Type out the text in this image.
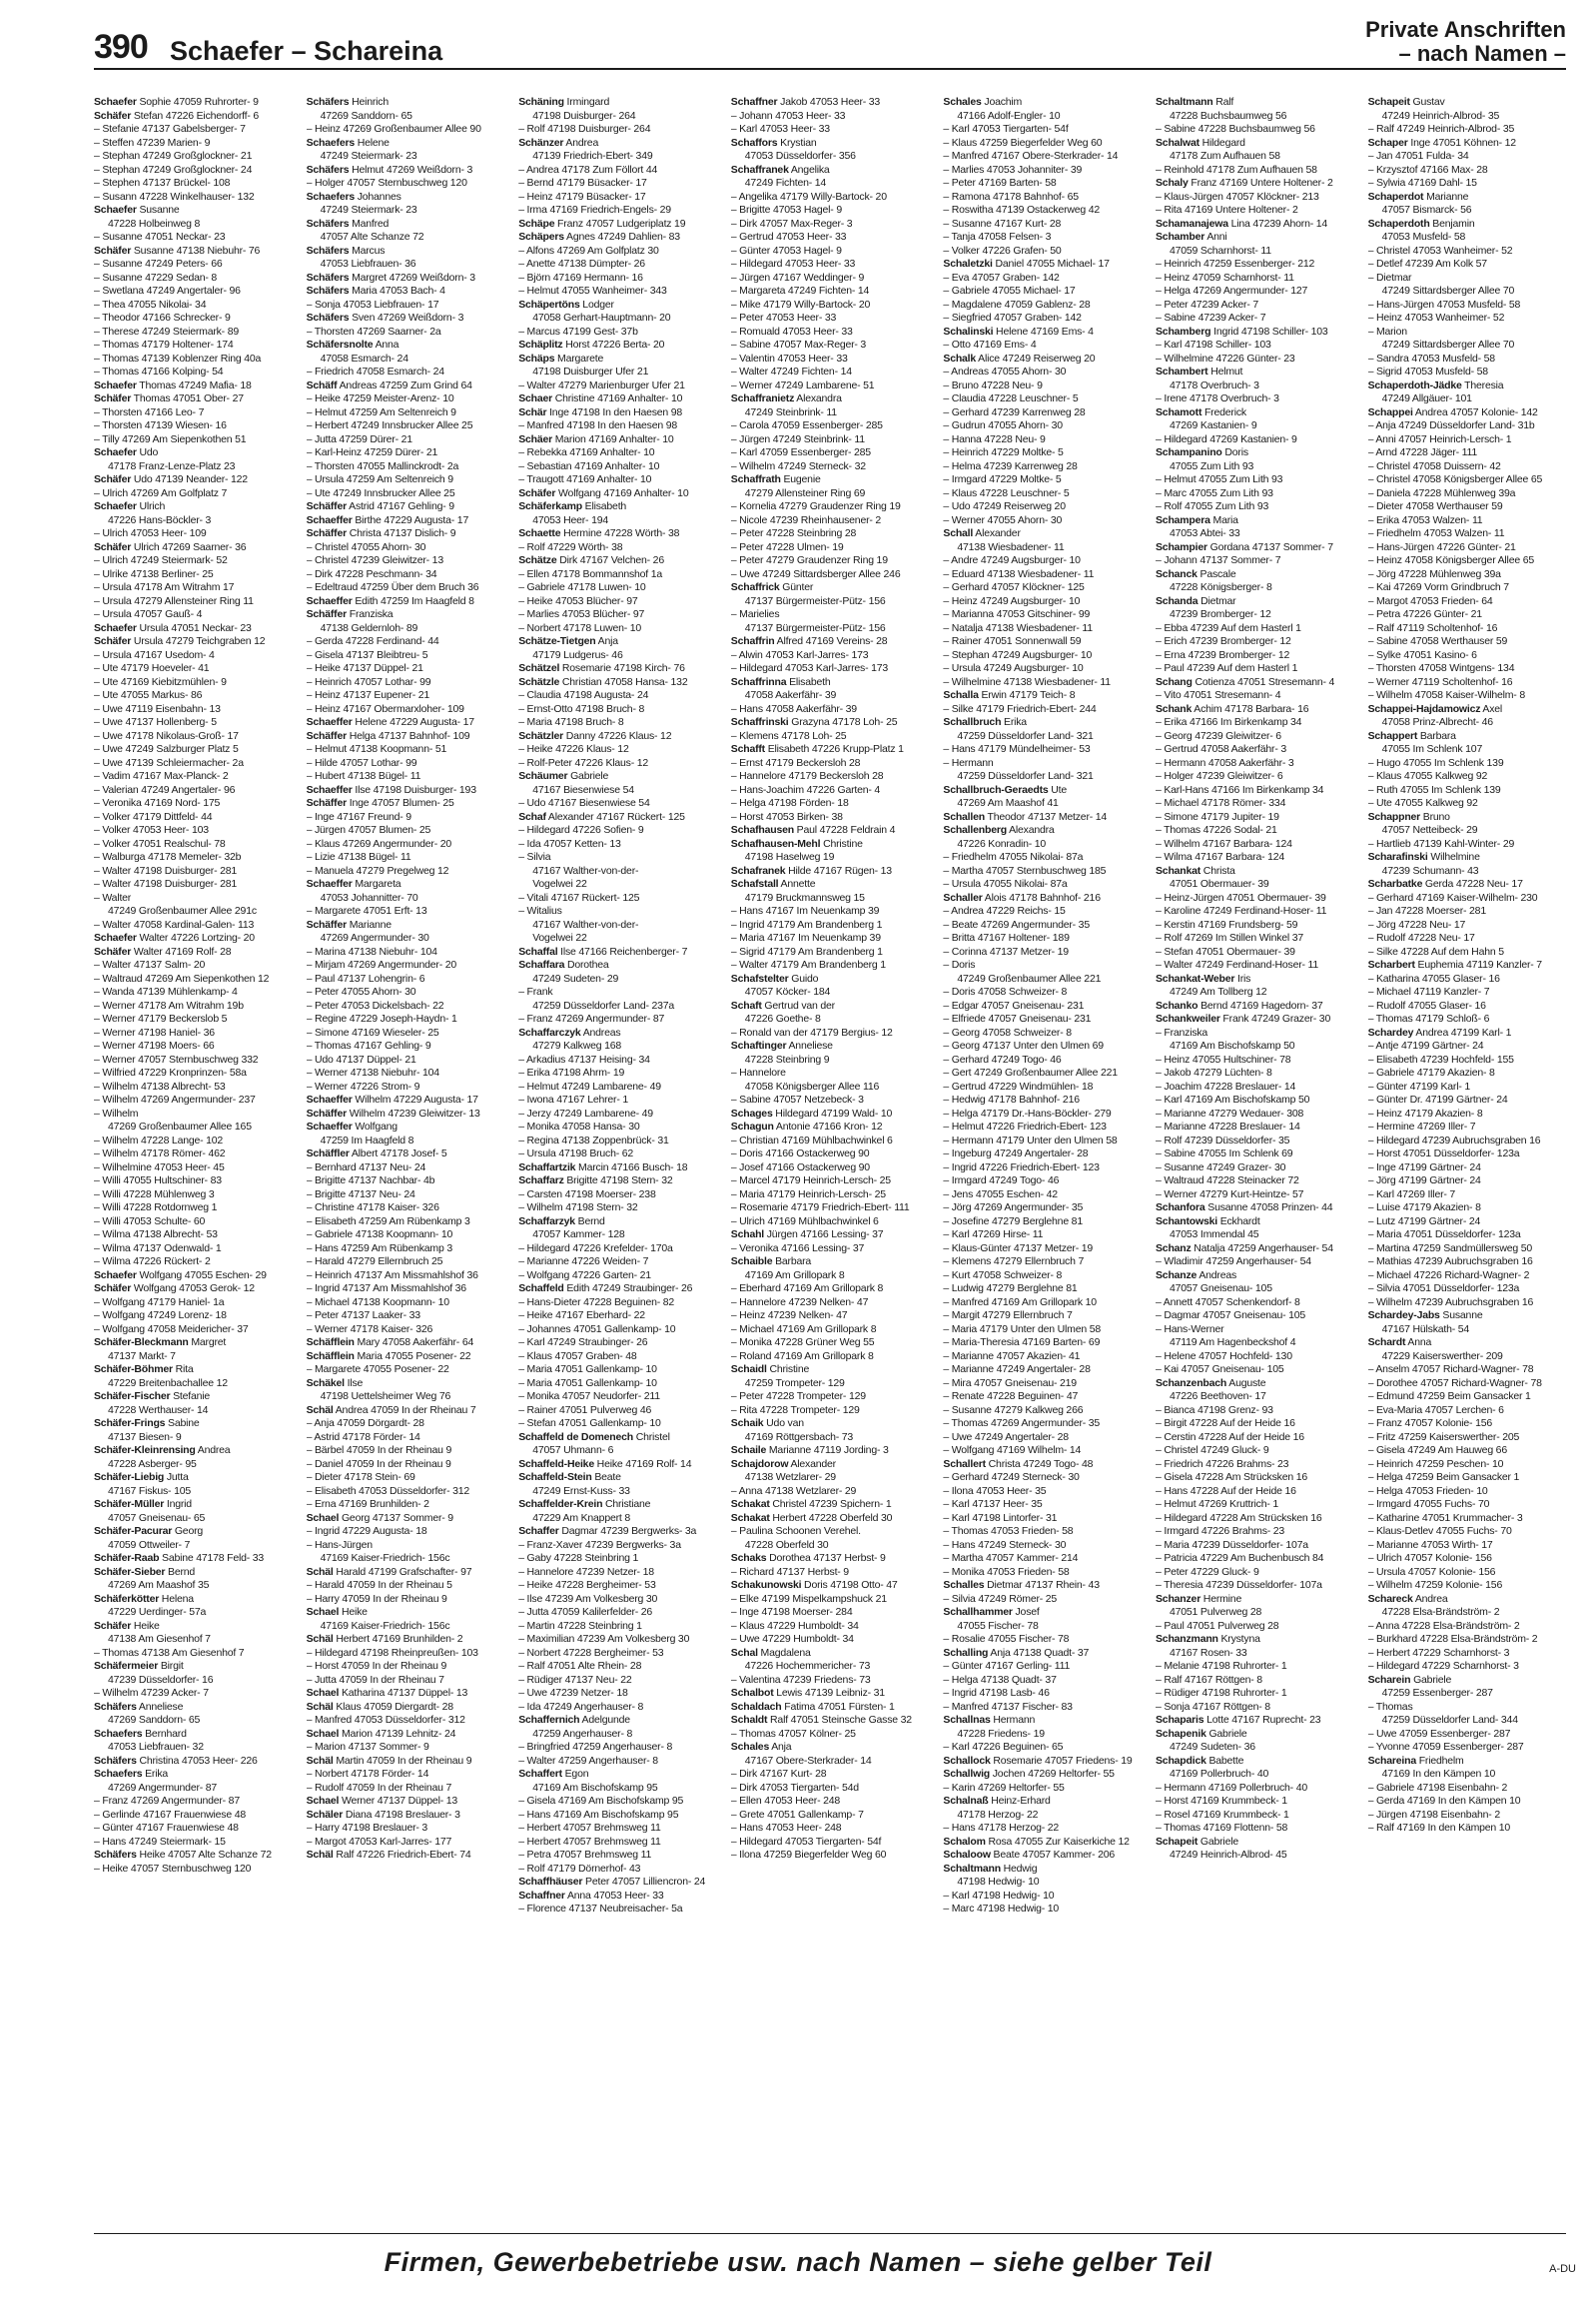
390 Schaefer – Schareina
Private Anschriften
– nach Namen –
Schaefer Sophie 47059 Ruhrorter- 9
Schäfer Stefan 47226 Eichendorff- 6
– Stefanie 47137 Gabelsberger- 7
– Steffen 47239 Marien- 9
– Stephan 47249 Großglockner- 21
– Stephan 47249 Großglockner- 24
– Stephen 47137 Brückel- 108
– Susann 47228 Winkelhauser- 132
Schaefer Susanne
47228 Holbeinweg 8
– Susanne 47051 Neckar- 23
Schäfer Susanne 47138 Niebuhr- 76
– Susanne 47249 Peters- 66
– Susanne 47229 Sedan- 8
– Swetlana 47249 Angertaler- 96
– Thea 47055 Nikolai- 34
– Theodor 47166 Schrecker- 9
– Therese 47249 Steiermark- 89
– Thomas 47179 Holtener- 174
– Thomas 47139 Koblenzer Ring 40a
– Thomas 47166 Kolping- 54
Schaefer Thomas 47249 Mafia- 18
Schäfer Thomas 47051 Ober- 27
– Thorsten 47166 Leo- 7
– Thorsten 47139 Wiesen- 16
– Tilly 47269 Am Siepenkothen 51
Schaefer Udo
47178 Franz-Lenze-Platz 23
Schäfer Udo 47139 Neander- 122
– Ulrich 47269 Am Golfplatz 7
Schaefer Ulrich
47226 Hans-Böckler- 3
– Ulrich 47053 Heer- 109
Schäfer Ulrich 47269 Saarner- 36
– Ulrich 47249 Steiermark- 52
– Ulrike 47138 Berliner- 25
– Ursula 47178 Am Witrahm 17
– Ursula 47279 Allensteiner Ring 11
– Ursula 47057 Gauß- 4
Schaefer Ursula 47051 Neckar- 23
Schäfer Ursula 47279 Teichgraben 12
– Ursula 47167 Usedom- 4
– Ute 47179 Hoeveler- 41
– Ute 47169 Kiebitzmühlen- 9
– Ute 47055 Markus- 86
– Uwe 47119 Eisenbahn- 13
– Uwe 47137 Hollenberg- 5
– Uwe 47178 Nikolaus-Groß- 17
– Uwe 47249 Salzburger Platz 5
– Uwe 47139 Schleiermacher- 2a
– Vadim 47167 Max-Planck- 2
– Valerian 47249 Angertaler- 96
– Veronika 47169 Nord- 175
– Volker 47179 Dittfeld- 44
– Volker 47053 Heer- 103
– Volker 47051 Realschul- 78
– Walburga 47178 Memeler- 32b
– Walter 47198 Duisburger- 281
– Walter 47198 Duisburger- 281
– Walter
47249 Großenbaumer Allee 291c
– Walter 47058 Kardinal-Galen- 113
Schaefer Walter 47226 Lortzing- 20
Schäfer Walter 47169 Rolf- 28
– Walter 47137 Salm- 20
– Waltraud 47269 Am Siepenkothen 12
– Wanda 47139 Mühlenkamp- 4
– Werner 47178 Am Witrahm 19b
– Werner 47179 Beckerslob 5
– Werner 47198 Haniel- 36
– Werner 47198 Moers- 66
– Werner 47057 Sternbuschweg 332
– Wilfried 47229 Kronprinzen- 58a
– Wilhelm 47138 Albrecht- 53
– Wilhelm 47269 Angermunder- 237
– Wilhelm
47269 Großenbaumer Allee 165
– Wilhelm 47228 Lange- 102
– Wilhelm 47178 Römer- 462
– Wilhelmine 47053 Heer- 45
– Willi 47055 Hultschiner- 83
– Willi 47228 Mühlenweg 3
– Willi 47228 Rotdornweg 1
– Willi 47053 Schulte- 60
– Wilma 47138 Albrecht- 53
– Wilma 47137 Odenwald- 1
– Wilma 47226 Rückert- 2
Schaefer Wolfgang 47055 Eschen- 29
Schäfer Wolfgang 47053 Gerok- 12
– Wolfgang 47179 Haniel- 1a
– Wolfgang 47249 Lorenz- 18
– Wolfgang 47058 Meidericher- 37
Schäfer-Bleckmann Margret
47137 Markt- 7
Schäfer-Böhmer Rita
47229 Breitenbachallee 12
Schäfer-Fischer Stefanie
47228 Werthauser- 14
Schäfer-Frings Sabine
47137 Biesen- 9
Schäfer-Kleinrensing Andrea
47228 Asberger- 95
Schäfer-Liebig Jutta
47167 Fiskus- 105
Schäfer-Müller Ingrid
47057 Gneisenau- 65
Schäfer-Pacurar Georg
47059 Ottweiler- 7
Schäfer-Raab Sabine 47178 Feld- 33
Schäfer-Sieber Bernd
47269 Am Maashof 35
Schäferkötter Helena
47229 Uerdinger- 57a
Schäfer Heike
47138 Am Giesenhof 7
– Thomas 47138 Am Giesenhof 7
Schäfermeier Birgit
47239 Düsseldorfer- 16
– Wilhelm 47239 Acker- 7
Schäfers Anneliese
47269 Sanddorn- 65
Schaefers Bernhard
47053 Liebfrauen- 32
Schäfers Christina 47053 Heer- 226
Schaefers Erika
47269 Angermunder- 87
– Franz 47269 Angermunder- 87
– Gerlinde 47167 Frauenwiese 48
– Günter 47167 Frauenwiese 48
– Hans 47249 Steiermark- 15
Schäfers Heike 47057 Alte Schanze 72
– Heike 47057 Sternbuschweg 120
Schäfers Heinrich
47269 Sanddorn- 65
– Heinz 47269 Großenbaumer Allee 90
Schaefers Helene
47249 Steiermark- 23
Schäfers Helmut 47269 Weißdorn- 3
– Holger 47057 Sternbuschweg 120
Schaefers Johannes
47249 Steiermark- 23
Schäfers Manfred
47057 Alte Schanze 72
Schäfers Marcus
47053 Liebfrauen- 36
Schäfers Margret 47269 Weißdorn- 3
Schäfers Maria 47053 Bach- 4
– Sonja 47053 Liebfrauen- 17
Schäfers Sven 47269 Weißdorn- 3
– Thorsten 47269 Saarner- 2a
Schäfersnolte Anna
47058 Esmarch- 24
– Friedrich 47058 Esmarch- 24
Schäff Andreas 47259 Zum Grind 64
– Heike 47259 Meister-Arenz- 10
– Helmut 47259 Am Seltenreich 9
– Herbert 47249 Innsbrucker Allee 25
– Jutta 47259 Dürer- 21
– Karl-Heinz 47259 Dürer- 21
– Thorsten 47055 Mallinckrodt- 2a
– Ursula 47259 Am Seltenreich 9
– Ute 47249 Innsbrucker Allee 25
Schäffer Astrid 47167 Gehling- 9
Schaeffer Birthe 47229 Augusta- 17
Schäffer Christa 47137 Dislich- 9
– Christel 47055 Ahorn- 30
– Christel 47239 Gleiwitzer- 13
– Dirk 47228 Peschmann- 34
– Edeltraud 47259 Über dem Bruch 36
Schaeffer Edith 47259 Im Haagfeld 8
Schäffer Franziska
47138 Geldernloh- 89
– Gerda 47228 Ferdinand- 44
– Gisela 47137 Bleibtreu- 5
– Heike 47137 Düppel- 21
– Heinrich 47057 Lothar- 99
– Heinz 47137 Eupener- 21
– Heinz 47167 Obermarxloher- 109
Schaeffer Helene 47229 Augusta- 17
Schäffer Helga 47137 Bahnhof- 109
– Helmut 47138 Koopmann- 51
– Hilde 47057 Lothar- 99
– Hubert 47138 Bügel- 11
Schaeffer Ilse 47198 Duisburger- 193
Schäffer Inge 47057 Blumen- 25
– Inge 47167 Freund- 9
– Jürgen 47057 Blumen- 25
– Klaus 47269 Angermunder- 20
– Lizie 47138 Bügel- 11
– Manuela 47279 Pregelweg 12
Schaeffer Margareta
47053 Johannitter- 70
– Margarete 47051 Erft- 13
Schäffer Marianne
47269 Angermunder- 30
– Marina 47138 Niebuhr- 104
– Mirjam 47269 Angermunder- 20
– Paul 47137 Lohengrin- 6
– Peter 47055 Ahorn- 30
– Peter 47053 Dickelsbach- 22
– Regine 47229 Joseph-Haydn- 1
– Simone 47169 Wieseler- 25
– Thomas 47167 Gehling- 9
– Udo 47137 Düppel- 21
– Werner 47138 Niebuhr- 104
– Werner 47226 Strom- 9
Schaeffer Wilhelm 47229 Augusta- 17
Schäffer Wilhelm 47239 Gleiwitzer- 13
Schaeffer Wolfgang
47259 Im Haagfeld 8
Schäffler Albert 47178 Josef- 5
– Bernhard 47137 Neu- 24
– Brigitte 47137 Nachbar- 4b
– Brigitte 47137 Neu- 24
– Christine 47178 Kaiser- 326
– Elisabeth 47259 Am Rübenkamp 3
– Gabriele 47138 Koopmann- 10
– Hans 47259 Am Rübenkamp 3
– Harald 47279 Ellernbruch 25
– Heinrich 47137 Am Missmahlshof 36
– Ingrid 47137 Am Missmahlshof 36
– Michael 47138 Koopmann- 10
– Peter 47137 Laaker- 33
– Werner 47178 Kaiser- 326
Schäfflein Mary 47058 Aakerfähr- 64
Schäfflein Maria 47055 Posener- 22
– Margarete 47055 Posener- 22
Schäkel Ilse
47198 Uettelsheimer Weg 76
Schäl Andrea 47059 In der Rheinau 7
– Anja 47059 Dörgardt- 28
– Astrid 47178 Förder- 14
– Bärbel 47059 In der Rheinau 9
– Daniel 47059 In der Rheinau 9
– Dieter 47178 Stein- 69
– Elisabeth 47053 Düsseldorfer- 312
– Erna 47169 Brunhilden- 2
Schael Georg 47137 Sommer- 9
– Ingrid 47229 Augusta- 18
– Hans-Jürgen
47169 Kaiser-Friedrich- 156c
Schäl Harald 47199 Grafschafter- 97
– Harald 47059 In der Rheinau 5
– Harry 47059 In der Rheinau 9
Schael Heike
47169 Kaiser-Friedrich- 156c
Schäl Herbert 47169 Brunhilden- 2
– Hildegard 47198 Rheinpreußen- 103
– Horst 47059 In der Rheinau 9
– Jutta 47059 In der Rheinau 7
Schael Katharina 47137 Düppel- 13
Schäl Klaus 47059 Diergardt- 28
– Manfred 47053 Düsseldorfer- 312
Schael Marion 47139 Lehnitz- 24
– Marion 47137 Sommer- 9
Schäl Martin 47059 In der Rheinau 9
– Norbert 47178 Förder- 14
– Rudolf 47059 In der Rheinau 7
Schael Werner 47137 Düppel- 13
Schäler Diana 47198 Breslauer- 3
– Harry 47198 Breslauer- 3
– Margot 47053 Karl-Jarres- 177
Schäl Ralf 47226 Friedrich-Ebert- 74
Schäning Irmingard
47198 Duisburger- 264
– Rolf 47198 Duisburger- 264
Schänzer Andrea
47139 Friedrich-Ebert- 349
– Andrea 47178 Zum Föllort 44
– Bernd 47179 Büsacker- 17
– Heinz 47179 Büsacker- 17
– Irma 47169 Friedrich-Engels- 29
Schäpe Franz 47057 Ludgeriplatz 19
Schäpers Agnes 47249 Dahlien- 83
– Alfons 47269 Am Golfplatz 30
– Anette 47138 Dümpter- 26
– Björn 47169 Hermann- 16
– Helmut 47055 Wanheimer- 343
Schäpertöns Lodger
47058 Gerhart-Hauptmann- 20
– Marcus 47199 Gest- 37b
Schäplitz Horst 47226 Berta- 20
Schäps Margarete
47198 Duisburger Ufer 21
– Walter 47279 Marienburger Ufer 21
Schaer Christine 47169 Anhalter- 10
Schär Inge 47198 In den Haesen 98
– Manfred 47198 In den Haesen 98
Schäer Marion 47169 Anhalter- 10
– Rebekka 47169 Anhalter- 10
– Sebastian 47169 Anhalter- 10
– Traugott 47169 Anhalter- 10
Schäfer Wolfgang 47169 Anhalter- 10
Schäferkamp Elisabeth
47053 Heer- 194
Schaette Hermine 47228 Wörth- 38
– Rolf 47229 Wörth- 38
Schätze Dirk 47167 Velchen- 26
– Ellen 47178 Bommannshof 1a
– Gabriele 47178 Luwen- 10
– Heike 47053 Blücher- 97
– Marlies 47053 Blücher- 97
– Norbert 47178 Luwen- 10
Schätze-Tietgen Anja
47179 Ludgerus- 46
Schätzel Rosemarie 47198 Kirch- 76
Schätzle Christian 47058 Hansa- 132
– Claudia 47198 Augusta- 24
– Ernst-Otto 47198 Bruch- 8
– Maria 47198 Bruch- 8
Schätzler Danny 47226 Klaus- 12
– Heike 47226 Klaus- 12
– Rolf-Peter 47226 Klaus- 12
Schäumer Gabriele
47167 Biesenwiese 54
– Udo 47167 Biesenwiese 54
Schaf Alexander 47167 Rückert- 125
– Hildegard 47226 Sofien- 9
– Ida 47057 Ketten- 13
– Silvia
47167 Walther-von-der-
Vogelwei 22
– Vitali 47167 Rückert- 125
– Witalius
47167 Walther-von-der-
Vogelwei 22
Schaffal Ilse 47166 Reichenberger- 7
Schaffara Dorothea
47249 Sudeten- 29
– Frank
47259 Düsseldorfer Land- 237a
– Franz 47269 Angermunder- 87
Schaffarczyk Andreas
47279 Kalkweg 168
– Arkadius 47137 Heising- 34
– Erika 47198 Ahrm- 19
– Helmut 47249 Lambarene- 49
– Iwona 47167 Lehrer- 1
– Jerzy 47249 Lambarene- 49
– Monika 47058 Hansa- 30
– Regina 47138 Zoppenbrück- 31
– Ursula 47198 Bruch- 62
Schaffartzik Marcin 47166 Busch- 18
Schaffarz Brigitte 47198 Stern- 32
– Carsten 47198 Moerser- 238
– Wilhelm 47198 Stern- 32
Schaffarzyk Bernd
47057 Kammer- 128
– Hildegard 47226 Krefelder- 170a
– Marianne 47226 Weiden- 7
– Wolfgang 47226 Garten- 21
Schaffeld Edith 47249 Straubinger- 26
– Hans-Dieter 47228 Beguinen- 82
– Heike 47167 Eberhard- 22
– Johannes 47051 Gallenkamp- 10
– Karl 47249 Straubinger- 26
– Klaus 47057 Graben- 48
– Maria 47051 Gallenkamp- 10
– Maria 47051 Gallenkamp- 10
– Monika 47057 Neudorfer- 211
– Rainer 47051 Pulverweg 46
– Stefan 47051 Gallenkamp- 10
Schaffeld de Domenech Christel
47057 Uhmann- 6
Schaffeld-Heike Heike 47169 Rolf- 14
Schaffeld-Stein Beate
47249 Ernst-Kuss- 33
Schaffelder-Krein Christiane
47229 Am Knappert 8
Schaffer Dagmar 47239 Bergwerks- 3a
– Franz-Xaver 47239 Bergwerks- 3a
– Gaby 47228 Steinbring 1
– Hannelore 47239 Netzer- 18
– Heike 47228 Bergheimer- 53
– Ilse 47239 Am Volkesberg 30
– Jutta 47059 Kalilerfelder- 26
– Martin 47228 Steinbring 1
– Maximilian 47239 Am Volkesberg 30
– Norbert 47228 Bergheimer- 53
– Ralf 47051 Alte Rhein- 28
– Rüdiger 47137 Neu- 22
– Uwe 47239 Netzer- 18
– Ida 47249 Angerhauser- 8
Schaffernich Adelgunde
47259 Angerhauser- 8
– Bringfried 47259 Angerhauser- 8
– Walter 47259 Angerhauser- 8
Schaffert Egon
47169 Am Bischofskamp 95
– Gisela 47169 Am Bischofskamp 95
– Hans 47169 Am Bischofskamp 95
– Herbert 47057 Brehmsweg 11
– Herbert 47057 Brehmsweg 11
– Petra 47057 Brehmsweg 11
– Rolf 47179 Dörnerhof- 43
Schaffhäuser Peter 47057 Lilliencron- 24
Schaffner Anna 47053 Heer- 33
– Florence 47137 Neubreisacher- 5a
Schaffner Jakob 47053 Heer- 33
– Johann 47053 Heer- 33
– Karl 47053 Heer- 33
Schaffors Krystian
47053 Düsseldorfer- 356
Schaffranek Angelika
47249 Fichten- 14
– Angelika 47179 Willy-Bartock- 20
– Brigitte 47053 Hagel- 9
– Dirk 47057 Max-Reger- 3
– Gertrud 47053 Heer- 33
– Günter 47053 Hagel- 9
– Hildegard 47053 Heer- 33
– Jürgen 47167 Weddinger- 9
– Margareta 47249 Fichten- 14
– Mike 47179 Willy-Bartock- 20
– Peter 47053 Heer- 33
– Romuald 47053 Heer- 33
– Sabine 47057 Max-Reger- 3
– Valentin 47053 Heer- 33
– Walter 47249 Fichten- 14
– Werner 47249 Lambarene- 51
Schaffranietz Alexandra
47249 Steinbrink- 11
– Carola 47059 Essenberger- 285
– Jürgen 47249 Steinbrink- 11
– Karl 47059 Essenberger- 285
– Wilhelm 47249 Sterneck- 32
Schaffrath Eugenie
47279 Allensteiner Ring 69
– Kornelia 47279 Graudenzer Ring 19
– Nicole 47239 Rheinhausener- 2
– Peter 47228 Steinbring 28
– Peter 47228 Ulmen- 19
– Peter 47279 Graudenzer Ring 19
– Uwe 47249 Sittardsberger Allee 246
Schaffrick Günter
47137 Bürgermeister-Pütz- 156
– Marielies
47137 Bürgermeister-Pütz- 156
Schaffrin Alfred 47169 Vereins- 28
– Alwin 47053 Karl-Jarres- 173
– Hildegard 47053 Karl-Jarres- 173
Schaffrinna Elisabeth
47058 Aakerfähr- 39
– Hans 47058 Aakerfähr- 39
Schaffrinski Grazyna 47178 Loh- 25
– Klemens 47178 Loh- 25
Schafft Elisabeth 47226 Krupp-Platz 1
– Ernst 47179 Beckersloh 28
– Hannelore 47179 Beckersloh 28
– Hans-Joachim 47226 Garten- 4
– Helga 47198 Förden- 18
– Horst 47053 Birken- 38
Schafhausen Paul 47228 Feldrain 4
Schafhausen-Mehl Christine
47198 Haselweg 19
Schafranek Hilde 47167 Rügen- 13
Schafstall Annette
47179 Bruckmannsweg 15
– Hans 47167 Im Neuenkamp 39
– Ingrid 47179 Am Brandenberg 1
– Maria 47167 Im Neuenkamp 39
– Sigrid 47179 Am Brandenberg 1
– Walter 47179 Am Brandenberg 1
Schafstelter Guido
47057 Köcker- 184
Schaft Gertrud van der
47226 Goethe- 8
– Ronald van der 47179 Bergius- 12
Schaftinger Anneliese
47228 Steinbring 9
– Hannelore
47058 Königsberger Allee 116
– Sabine 47057 Netzebeck- 3
Schages Hildegard 47199 Wald- 10
Schagun Antonie 47166 Kron- 12
– Christian 47169 Mühlbachwinkel 6
– Doris 47166 Ostackerweg 90
– Josef 47166 Ostackerweg 90
– Marcel 47179 Heinrich-Lersch- 25
– Maria 47179 Heinrich-Lersch- 25
– Rosemarie 47179 Friedrich-Ebert- 111
– Ulrich 47169 Mühlbachwinkel 6
Schahl Jürgen 47166 Lessing- 37
– Veronika 47166 Lessing- 37
Schaible Barbara
47169 Am Grillopark 8
– Eberhard 47169 Am Grillopark 8
– Hannelore 47239 Nelken- 47
– Heinz 47239 Nelken- 47
– Michael 47169 Am Grillopark 8
– Monika 47228 Grüner Weg 55
– Roland 47169 Am Grillopark 8
Schaidl Christine
47259 Trompeter- 129
– Peter 47228 Trompeter- 129
– Rita 47228 Trompeter- 129
Schaik Udo van
47169 Röttgersbach- 73
Schaile Marianne 47119 Jording- 3
Schajdorow Alexander
47138 Wetzlarer- 29
– Anna 47138 Wetzlarer- 29
Schakat Christel 47239 Spichern- 1
Schakat Herbert 47228 Oberfeld 30
– Paulina Schoonen Verehel.
47228 Oberfeld 30
Schaks Dorothea 47137 Herbst- 9
– Richard 47137 Herbst- 9
Schakunowski Doris 47198 Otto- 47
– Elke 47199 Mispelkampshuck 21
– Inge 47198 Moerser- 284
– Klaus 47229 Humboldt- 34
– Uwe 47229 Humboldt- 34
Schal Magdalena
47226 Hochemmericher- 73
– Valentina 47239 Friedens- 73
Schalbot Lewis 47139 Leibniz- 31
Schaldach Fatima 47051 Fürsten- 1
Schaldt Ralf 47051 Steinsche Gasse 32
– Thomas 47057 Kölner- 25
Schales Anja
47167 Obere-Sterkrader- 14
– Dirk 47167 Kurt- 28
– Dirk 47053 Tiergarten- 54d
– Ellen 47053 Heer- 248
– Grete 47051 Gallenkamp- 7
– Hans 47053 Heer- 248
– Hildegard 47053 Tiergarten- 54f
– Ilona 47259 Biegerfelder Weg 60
Schales Joachim
47166 Adolf-Engler- 10
– Karl 47053 Tiergarten- 54f
– Klaus 47259 Biegerfelder Weg 60
– Manfred 47167 Obere-Sterkrader- 14
– Marlies 47053 Johanniter- 39
– Peter 47169 Barten- 58
– Ramona 47178 Bahnhof- 65
– Roswitha 47139 Ostackerweg 42
– Susanne 47167 Kurt- 28
– Tanja 47058 Felsen- 3
– Volker 47226 Grafen- 50
Schaletzki Daniel 47055 Michael- 17
– Eva 47057 Graben- 142
– Gabriele 47055 Michael- 17
– Magdalene 47059 Gablenz- 28
– Siegfried 47057 Graben- 142
Schalinski Helene 47169 Ems- 4
– Otto 47169 Ems- 4
Schalk Alice 47249 Reiserweg 20
– Andreas 47055 Ahorn- 30
– Bruno 47228 Neu- 9
– Claudia 47228 Leuschner- 5
– Gerhard 47239 Karrenweg 28
– Gudrun 47055 Ahorn- 30
– Hanna 47228 Neu- 9
– Heinrich 47229 Moltke- 5
– Helma 47239 Karrenweg 28
– Irmgard 47229 Moltke- 5
– Klaus 47228 Leuschner- 5
– Udo 47249 Reiserweg 20
– Werner 47055 Ahorn- 30
Schall Alexander
47138 Wiesbadener- 11
– Andre 47249 Augsburger- 10
– Eduard 47138 Wiesbadener- 11
– Gerhard 47057 Klöckner- 125
– Heinz 47249 Augsburger- 10
– Marianna 47053 Gitschiner- 99
– Natalja 47138 Wiesbadener- 11
– Rainer 47051 Sonnenwall 59
– Stephan 47249 Augsburger- 10
– Ursula 47249 Augsburger- 10
– Wilhelmine 47138 Wiesbadener- 11
Schalla Erwin 47179 Teich- 8
– Silke 47179 Friedrich-Ebert- 244
Schallbruch Erika
47259 Düsseldorfer Land- 321
– Hans 47179 Mündelheimer- 53
– Hermann
47259 Düsseldorfer Land- 321
Schallbruch-Geraedts Ute
47269 Am Maashof 41
Schallen Theodor 47137 Metzer- 14
Schallenberg Alexandra
47226 Konradin- 10
– Friedhelm 47055 Nikolai- 87a
– Martha 47057 Sternbuschweg 185
– Ursula 47055 Nikolai- 87a
Schaller Alois 47178 Bahnhof- 216
– Andrea 47229 Reichs- 15
– Beate 47269 Angermunder- 35
– Britta 47167 Holtener- 189
– Corinna 47137 Metzer- 19
– Doris
47249 Großenbaumer Allee 221
– Doris 47058 Schweizer- 8
– Edgar 47057 Gneisenau- 231
– Elfriede 47057 Gneisenau- 231
– Georg 47058 Schweizer- 8
– Georg 47137 Unter den Ulmen 69
– Gerhard 47249 Togo- 46
– Gert 47249 Großenbaumer Allee 221
– Gertrud 47229 Windmühlen- 18
– Hedwig 47178 Bahnhof- 216
– Helga 47179 Dr.-Hans-Böckler- 279
– Helmut 47226 Friedrich-Ebert- 123
– Hermann 47179 Unter den Ulmen 58
– Ingeburg 47249 Angertaler- 28
– Ingrid 47226 Friedrich-Ebert- 123
– Irmgard 47249 Togo- 46
– Jens 47055 Eschen- 42
– Jörg 47269 Angermunder- 35
– Josefine 47279 Berglehne 81
– Karl 47269 Hirse- 11
– Klaus-Günter 47137 Metzer- 19
– Klemens 47279 Ellernbruch 7
– Kurt 47058 Schweizer- 8
– Ludwig 47279 Berglehne 81
– Manfred 47169 Am Grillopark 10
– Margit 47279 Ellernbruch 7
– Maria 47179 Unter den Ulmen 58
– Maria-Theresia 47169 Barten- 69
– Marianne 47057 Akazien- 41
– Marianne 47249 Angertaler- 28
– Mira 47057 Gneisenau- 219
– Renate 47228 Beguinen- 47
– Susanne 47279 Kalkweg 266
– Thomas 47269 Angermunder- 35
– Uwe 47249 Angertaler- 28
– Wolfgang 47169 Wilhelm- 14
Schallert Christa 47249 Togo- 48
– Gerhard 47249 Sterneck- 30
– Ilona 47053 Heer- 35
– Karl 47137 Heer- 35
– Karl 47198 Lintorfer- 31
– Thomas 47053 Frieden- 58
– Hans 47249 Sterneck- 30
– Martha 47057 Kammer- 214
– Monika 47053 Frieden- 58
Schalles Dietmar 47137 Rhein- 43
– Silvia 47249 Römer- 25
Schallhammer Josef
47055 Fischer- 78
– Rosalie 47055 Fischer- 78
Schalling Anja 47138 Quadt- 37
– Günter 47167 Gerling- 111
– Helga 47138 Quadt- 37
– Ingrid 47198 Lasb- 46
– Manfred 47137 Fischer- 83
Schallnas Hermann
47228 Friedens- 19
– Karl 47226 Beguinen- 65
Schallock Rosemarie 47057 Friedens- 19
Schallwig Jochen 47269 Heltorfer- 55
– Karin 47269 Heltorfer- 55
Schalnaß Heinz-Erhard
47178 Herzog- 22
– Hans 47178 Herzog- 22
Schalom Rosa 47055 Zur Kaiserkiche 12
Schaloow Beate 47057 Kammer- 206
Schaltmann Hedwig
47198 Hedwig- 10
– Karl 47198 Hedwig- 10
– Marc 47198 Hedwig- 10
Schaltmann Ralf
47228 Buchsbaumweg 56
– Sabine 47228 Buchsbaumweg 56
Schalwat Hildegard
47178 Zum Aufhauen 58
– Reinhold 47178 Zum Aufhauen 58
Schaly Franz 47169 Untere Holtener- 2
– Klaus-Jürgen 47057 Klöckner- 213
– Rita 47169 Untere Holtener- 2
Schamanajewa Lina 47239 Ahorn- 14
Schamber Anni
47059 Scharnhorst- 11
– Heinrich 47259 Essenberger- 212
– Heinz 47059 Scharnhorst- 11
– Helga 47269 Angermunder- 127
– Peter 47239 Acker- 7
– Sabine 47239 Acker- 7
Schamberg Ingrid 47198 Schiller- 103
– Karl 47198 Schiller- 103
– Wilhelmine 47226 Günter- 23
Schambert Helmut
47178 Overbruch- 3
– Irene 47178 Overbruch- 3
Schamott Frederick
47269 Kastanien- 9
– Hildegard 47269 Kastanien- 9
Schampanino Doris
47055 Zum Lith 93
– Helmut 47055 Zum Lith 93
– Marc 47055 Zum Lith 93
– Rolf 47055 Zum Lith 93
Schampera Maria
47053 Abtei- 33
Schampier Gordana 47137 Sommer- 7
– Johann 47137 Sommer- 7
Schanck Pascale
47228 Königsberger- 8
Schanda Dietmar
47239 Bromberger- 12
– Ebba 47239 Auf dem Hasterl 1
– Erich 47239 Bromberger- 12
– Erna 47239 Bromberger- 12
– Paul 47239 Auf dem Hasterl 1
Schang Cotienza 47051 Stresemann- 4
– Vito 47051 Stresemann- 4
Schank Achim 47178 Barbara- 16
– Erika 47166 Im Birkenkamp 34
– Georg 47239 Gleiwitzer- 6
– Gertrud 47058 Aakerfähr- 3
– Hermann 47058 Aakerfähr- 3
– Holger 47239 Gleiwitzer- 6
– Karl-Hans 47166 Im Birkenkamp 34
– Michael 47178 Römer- 334
– Simone 47179 Jupiter- 19
– Thomas 47226 Sodal- 21
– Wilhelm 47167 Barbara- 124
– Wilma 47167 Barbara- 124
Schankat Christa
47051 Obermauer- 39
– Heinz-Jürgen 47051 Obermauer- 39
– Karoline 47249 Ferdinand-Hoser- 11
– Kerstin 47169 Frundsberg- 59
– Rolf 47269 Im Stillen Winkel 37
– Stefan 47051 Obermauer- 39
– Walter 47249 Ferdinand-Hoser- 11
Schankat-Weber Iris
47249 Am Tollberg 12
Schanko Bernd 47169 Hagedorn- 37
Schankweiler Frank 47249 Grazer- 30
– Franziska
47169 Am Bischofskamp 50
– Heinz 47055 Hultschiner- 78
– Jakob 47279 Lüchten- 8
– Joachim 47228 Breslauer- 14
– Karl 47169 Am Bischofskamp 50
– Marianne 47279 Wedauer- 308
– Marianne 47228 Breslauer- 14
– Rolf 47239 Düsseldorfer- 35
– Sabine 47055 Im Schlenk 69
– Susanne 47249 Grazer- 30
– Waltraud 47228 Steinacker 72
– Werner 47279 Kurt-Heintze- 57
Schanfora Susanne 47058 Prinzen- 44
Schantowski Eckhardt
47053 Immendal 45
Schanz Natalja 47259 Angerhauser- 54
– Wladimir 47259 Angerhauser- 54
Schanze Andreas
47057 Gneisenau- 105
– Annett 47057 Schenkendorf- 8
– Dagmar 47057 Gneisenau- 105
– Hans-Werner
47119 Am Hagenbeckshof 4
– Helene 47057 Hochfeld- 130
– Kai 47057 Gneisenau- 105
Schanzenbach Auguste
47226 Beethoven- 17
– Bianca 47198 Grenz- 93
– Birgit 47228 Auf der Heide 16
– Cerstin 47228 Auf der Heide 16
– Christel 47249 Gluck- 9
– Friedrich 47226 Brahms- 23
– Gisela 47228 Am Strücksken 16
– Hans 47228 Auf der Heide 16
– Helmut 47269 Kruttrich- 1
– Hildegard 47228 Am Strücksken 16
– Irmgard 47226 Brahms- 23
– Maria 47239 Düsseldorfer- 107a
– Patricia 47229 Am Buchenbusch 84
– Peter 47229 Gluck- 9
– Theresia 47239 Düsseldorfer- 107a
Schanzer Hermine
47051 Pulverweg 28
– Paul 47051 Pulverweg 28
Schanzmann Krystyna
47167 Rosen- 33
– Melanie 47198 Ruhrorter- 1
– Ralf 47167 Röttgen- 8
– Rüdiger 47198 Ruhrorter- 1
– Sonja 47167 Röttgen- 8
Schaparis Lotte 47167 Ruprecht- 23
Schapenik Gabriele
47249 Sudeten- 36
Schapdick Babette
47169 Pollerbruch- 40
– Hermann 47169 Pollerbruch- 40
– Horst 47169 Krummbeck- 1
– Rosel 47169 Krummbeck- 1
– Thomas 47169 Flottenn- 58
Schapeit Gabriele
47249 Heinrich-Albrod- 45
Schapeit Gustav
47249 Heinrich-Albrod- 35
– Ralf 47249 Heinrich-Albrod- 35
Schaper Inge 47051 Köhnen- 12
– Jan 47051 Fulda- 34
– Krzysztof 47166 Max- 28
– Sylwia 47169 Dahl- 15
Schaperdot Marianne
47057 Bismarck- 56
Schaperdoth Benjamin
47053 Musfeld- 58
– Christel 47053 Wanheimer- 52
– Detlef 47239 Am Kolk 57
– Dietmar
47249 Sittardsberger Allee 70
– Hans-Jürgen 47053 Musfeld- 58
– Heinz 47053 Wanheimer- 52
– Marion
47249 Sittardsberger Allee 70
– Sandra 47053 Musfeld- 58
– Sigrid 47053 Musfeld- 58
Schaperdoth-Jädke Theresia
47249 Allgäuer- 101
Schappei Andrea 47057 Kolonie- 142
– Anja 47249 Düsseldorfer Land- 31b
– Anni 47057 Heinrich-Lersch- 1
– Arnd 47228 Jäger- 111
– Christel 47058 Duissern- 42
– Christel 47058 Königsberger Allee 65
– Daniela 47228 Mühlenweg 39a
– Dieter 47058 Werthauser 59
– Erika 47053 Walzen- 11
– Friedhelm 47053 Walzen- 11
– Hans-Jürgen 47226 Günter- 21
– Heinz 47058 Königsberger Allee 65
– Jörg 47228 Mühlenweg 39a
– Kai 47269 Vorm Grindbruch 7
– Margot 47053 Frieden- 64
– Petra 47226 Günter- 21
– Ralf 47119 Scholtenhof- 16
– Sabine 47058 Werthauser 59
– Sylke 47051 Kasino- 6
– Thorsten 47058 Wintgens- 134
– Werner 47119 Scholtenhof- 16
– Wilhelm 47058 Kaiser-Wilhelm- 8
Schappei-Hajdamowicz Axel
47058 Prinz-Albrecht- 46
Schappert Barbara
47055 Im Schlenk 107
– Hugo 47055 Im Schlenk 139
– Klaus 47055 Kalkweg 92
– Ruth 47055 Im Schlenk 139
– Ute 47055 Kalkweg 92
Schappner Bruno
47057 Netteibeck- 29
– Hartlieb 47139 Kahl-Winter- 29
Scharafinski Wilhelmine
47239 Schumann- 43
Scharbatke Gerda 47228 Neu- 17
– Gerhard 47169 Kaiser-Wilhelm- 230
– Jan 47228 Moerser- 281
– Jörg 47228 Neu- 17
– Rudolf 47228 Neu- 17
– Silke 47228 Auf dem Hahn 5
Scharbert Euphemia 47119 Kanzler- 7
– Katharina 47055 Glaser- 16
– Michael 47119 Kanzler- 7
– Rudolf 47055 Glaser- 16
– Thomas 47179 Schloß- 6
Schardey Andrea 47199 Karl- 1
– Antje 47199 Gärtner- 24
– Elisabeth 47239 Hochfeld- 155
– Gabriele 47179 Akazien- 8
– Günter 47199 Karl- 1
– Günter Dr. 47199 Gärtner- 24
– Heinz 47179 Akazien- 8
– Hermine 47269 Iller- 7
– Hildegard 47239 Aubruchsgraben 16
– Horst 47051 Düsseldorfer- 123a
– Inge 47199 Gärtner- 24
– Jörg 47199 Gärtner- 24
– Karl 47269 Iller- 7
– Luise 47179 Akazien- 8
– Lutz 47199 Gärtner- 24
– Maria 47051 Düsseldorfer- 123a
– Martina 47259 Sandmüllersweg 50
– Mathias 47239 Aubruchsgraben 16
– Michael 47226 Richard-Wagner- 2
– Silvia 47051 Düsseldorfer- 123a
– Wilhelm 47239 Aubruchsgraben 16
Schardey-Jabs Susanne
47167 Hülskath- 54
Schardt Anna
47229 Kaiserswerther- 209
– Anselm 47057 Richard-Wagner- 78
– Dorothee 47057 Richard-Wagner- 78
– Edmund 47259 Beim Gansacker 1
– Eva-Maria 47057 Lerchen- 6
– Franz 47057 Kolonie- 156
– Fritz 47259 Kaiserswerther- 205
– Gisela 47249 Am Hauweg 66
– Heinrich 47259 Peschen- 10
– Helga 47259 Beim Gansacker 1
– Helga 47053 Frieden- 10
– Irmgard 47055 Fuchs- 70
– Katharine 47051 Krummacher- 3
– Klaus-Detlev 47055 Fuchs- 70
– Marianne 47053 Wirth- 17
– Ulrich 47057 Kolonie- 156
– Ursula 47057 Kolonie- 156
– Wilhelm 47259 Kolonie- 156
Schareck Andrea
47228 Elsa-Brändström- 2
– Anna 47228 Elsa-Brändström- 2
– Burkhard 47228 Elsa-Brändström- 2
– Herbert 47229 Scharnhorst- 3
– Hildegard 47229 Scharnhorst- 3
Scharein Gabriele
47259 Essenberger- 287
– Thomas
47259 Düsseldorfer Land- 344
– Uwe 47059 Essenberger- 287
– Yvonne 47059 Essenberger- 287
Schareina Friedhelm
47169 In den Kämpen 10
– Gabriele 47198 Eisenbahn- 2
– Gerda 47169 In den Kämpen 10
– Jürgen 47198 Eisenbahn- 2
– Ralf 47169 In den Kämpen 10
Firmen, Gewerbebetriebe usw. nach Namen – siehe gelber Teil	A-DU
